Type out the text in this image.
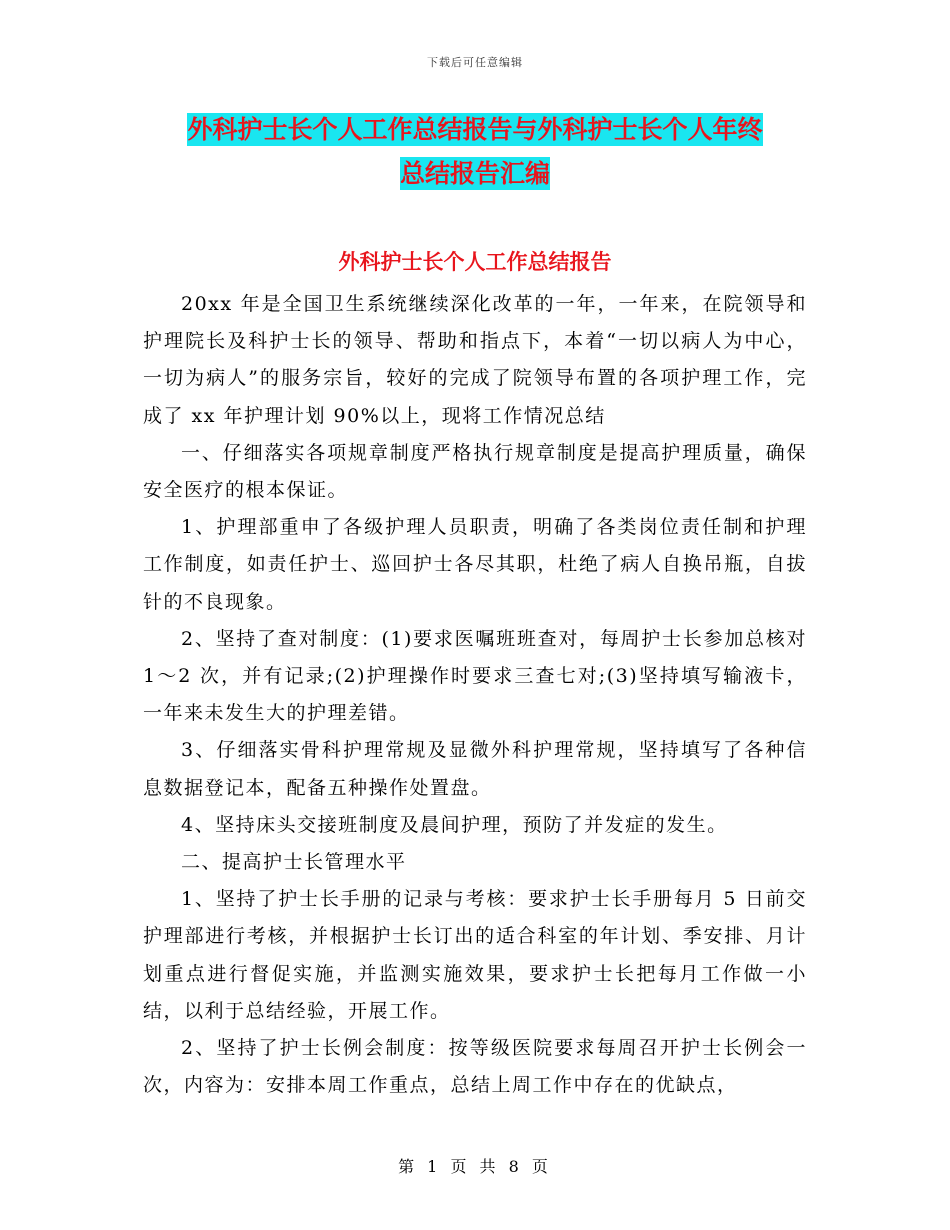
下载后可任意编辑
外科护士长个人工作总结报告与外科护士长个人年终
总结报告汇编
外科护士长个人工作总结报告

20xx 年是全国卫生系统继续深化改革的一年，一年来，在院领导和护理院长及科护士长的领导、帮助和指点下，本着“一切以病人为中心，一切为病人”的服务宗旨，较好的完成了院领导布置的各项护理工作，完成了 xx 年护理计划 90%以上，现将工作情况总结

一、仔细落实各项规章制度严格执行规章制度是提高护理质量，确保安全医疗的根本保证。

1、护理部重申了各级护理人员职责，明确了各类岗位责任制和护理工作制度，如责任护士、巡回护士各尽其职，杜绝了病人自换吊瓶，自拔针的不良现象。

2、坚持了查对制度：(1)要求医嘱班班查对，每周护士长参加总核对 1～2 次，并有记录;(2)护理操作时要求三查七对;(3)坚持填写输液卡，一年来未发生大的护理差错。

3、仔细落实骨科护理常规及显微外科护理常规，坚持填写了各种信息数据登记本，配备五种操作处置盘。

4、坚持床头交接班制度及晨间护理，预防了并发症的发生。

二、提高护士长管理水平

1、坚持了护士长手册的记录与考核：要求护士长手册每月 5 日前交护理部进行考核，并根据护士长订出的适合科室的年计划、季安排、月计划重点进行督促实施，并监测实施效果，要求护士长把每月工作做一小结，以利于总结经验，开展工作。

2、坚持了护士长例会制度：按等级医院要求每周召开护士长例会一次，内容为：安排本周工作重点，总结上周工作中存在的优缺点，

第 1 页 共 8 页
